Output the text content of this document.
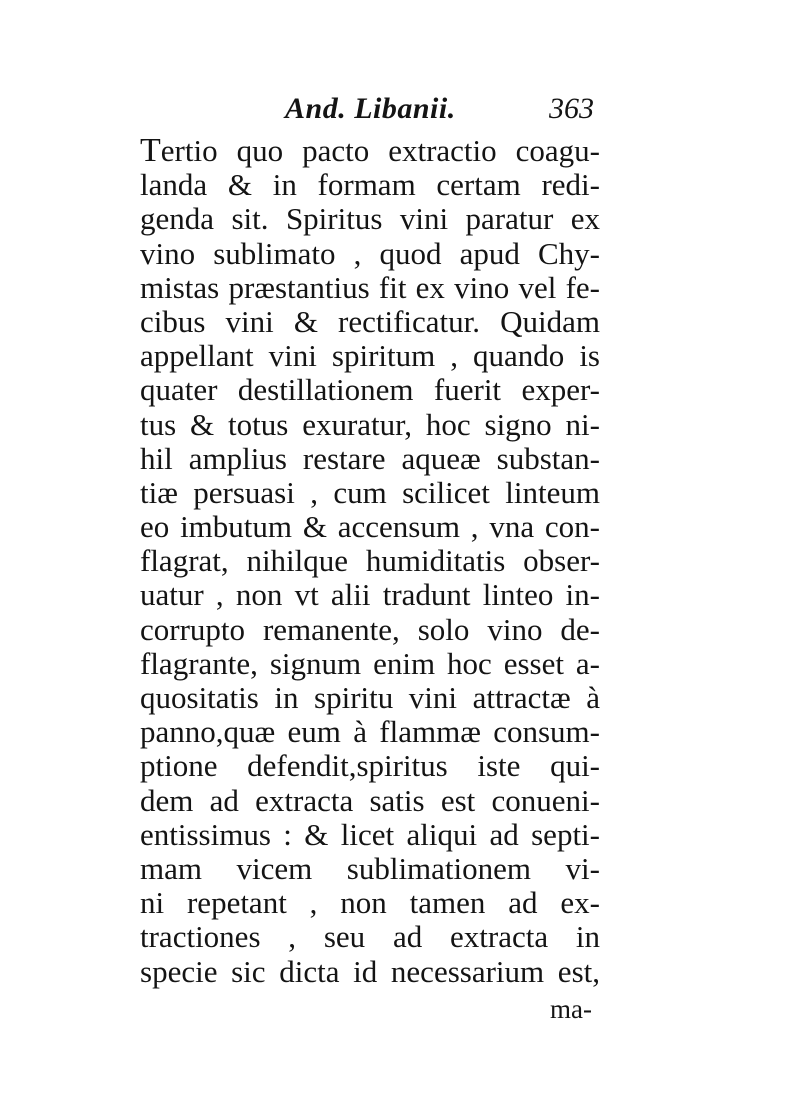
And. Libanii.	363
Tertio quo pacto extractio coagu-
landa & in formam certam redi-
genda sit. Spiritus vini paratur ex
vino sublimato , quod apud Chy-
mistas præstantius fit ex vino vel fe-
cibus vini & rectificatur. Quidam
appellant vini spiritum , quando is
quater destillationem fuerit exper-
tus & totus exuratur, hoc signo ni-
hil amplius restare aqueæ substan-
tiæ persuasi , cum scilicet linteum
eo imbutum & accensum , vna con-
flagrat, nihilque humiditatis obser-
uatur , non vt alii tradunt linteo in-
corrupto remanente, solo vino de-
flagrante, signum enim hoc esset a-
quositatis in spiritu vini attractæ à
panno,quæ eum à flammæ consum-
ptione defendit,spiritus iste qui-
dem ad extracta satis est conueni-
entissimus : & licet aliqui ad septi-
mam vicem sublimationem vi-
ni repetant , non tamen ad ex-
tractiones , seu ad extracta in
specie sic dicta id necessarium est,
ma-
